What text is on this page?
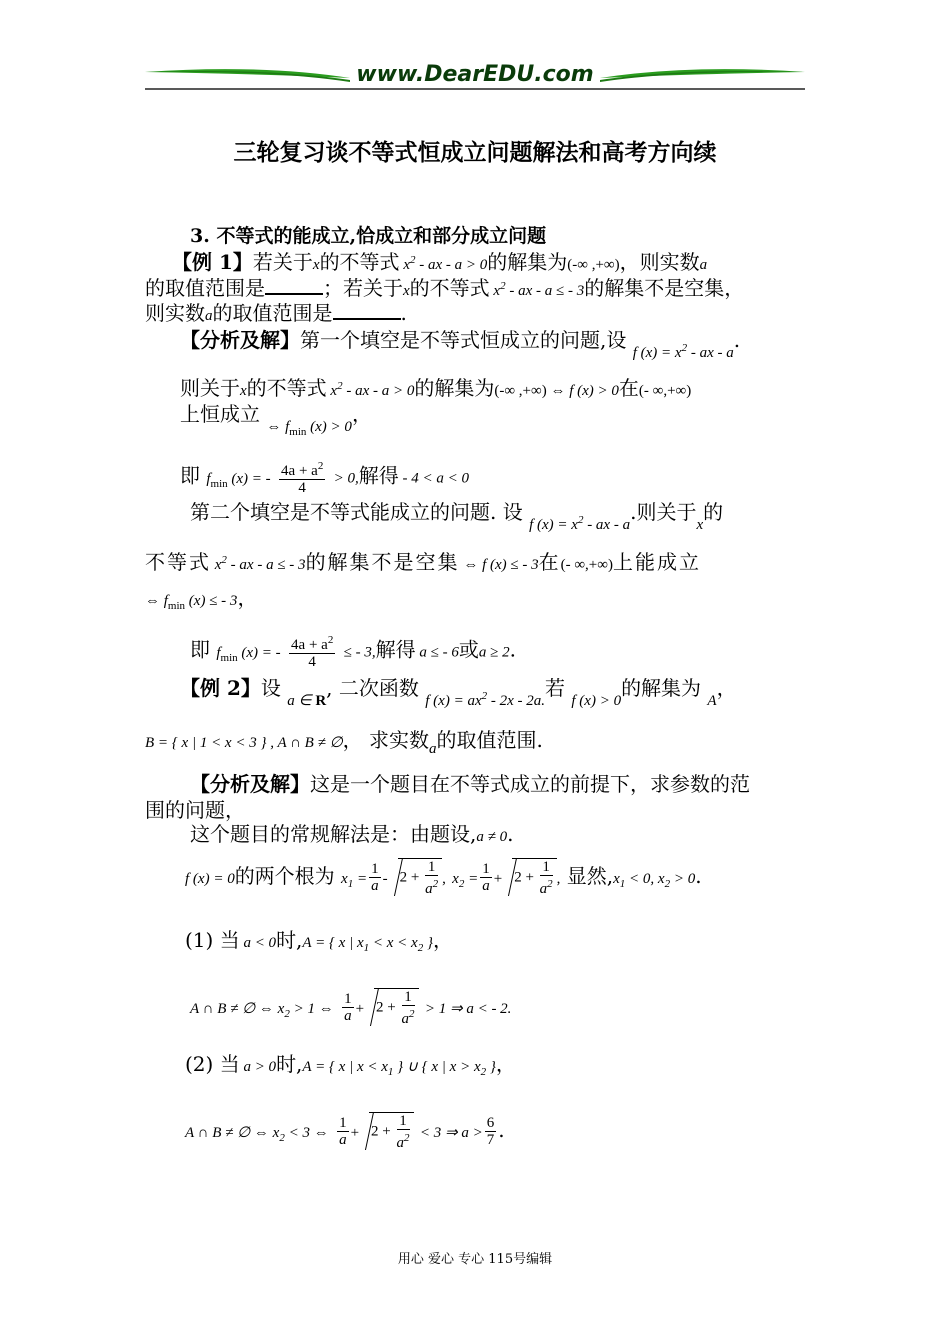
www.DearEDU.com
三轮复习谈不等式恒成立问题解法和高考方向续
3. 不等式的能成立,恰成立和部分成立问题
【例 1】若关于x的不等式 $x^2$ - ax - a > 0的解集为(-∞ ,+∞)，则实数a
的取值范围是	；若关于x的不等式 $x^2$ - ax - a ≤ - 3的解集不是空集，
则实数a的取值范围是	.
【分析及解】第一个填空是不等式恒成立的问题,设 $_{f (x) = x^2 - ax - a}$.
则关于x的不等式 $x^2$ - ax - a > 0的解集为(-∞ ,+∞) ⇔ f (x) > 0在(- ∞,+∞)
上恒成立 $_{\Leftrightarrow f_{min} (x) > 0}$，
即 $f_{min}$ (x) = - $\frac{4a + a^2}{4} > 0$,解得 - 4 < a < 0
第二个填空是不等式能成立的问题. 设 $_{f (x) = x^2 - ax - a}$.则关于$_x$的
不等式 $x^2$ - ax - a ≤ - 3的解集不是空集 ⇔ f (x) ≤ - 3在(- ∞,+∞)上能成立
⇔ $f_{min}$ (x) ≤ - 3，
即 $f_{min}$ (x) = - $\frac{4a + a^2}{4}$ ≤ - 3,解得 a ≤ - 6或a ≥ 2.
【例 2】设 $_{a \in R}$, 二次函数 $_{f (x) = ax^2 - 2x - 2a.}$若 $_{f (x) > 0}$的解集为 $_A$，
B = { x | 1 < x < 3 } , A ∩ B ≠ ∅， 求实数$_a$的取值范围.
【分析及解】这是一个题目在不等式成立的前提下，求参数的范
围的问题，
这个题目的常规解法是：由题设,a ≠ 0.
f (x) = 0的两个根为 $x_1 = \frac{1}{a} - 2 + \frac{1}{a^2}$ , $x_2 = \frac{1}{a} + 2 + \frac{1}{a^2}$ , 显然$,x_1 < 0$, $x_2 > 0$.
(1) 当 a < 0时,A = { x | $x_1 < x < x_2$ }，
A ∩ B ≠ ∅ ⇔ $x_2 > 1$ ⇔ $\frac{1}{a} + 2 + \frac{1}{a^2} > 1$ ⇒ a < - 2.
(2) 当 a > 0时,A = { x | $x < x_1$ } ∪ { x | $x > x_2$ }，
A ∩ B ≠ ∅ ⇔ $x_2 < 3$ ⇔ $\frac{1}{a} + 2 + \frac{1}{a^2} < 3$ ⇒ $a > \frac{6}{7}$ .
用心 爱心 专心 115号编辑
